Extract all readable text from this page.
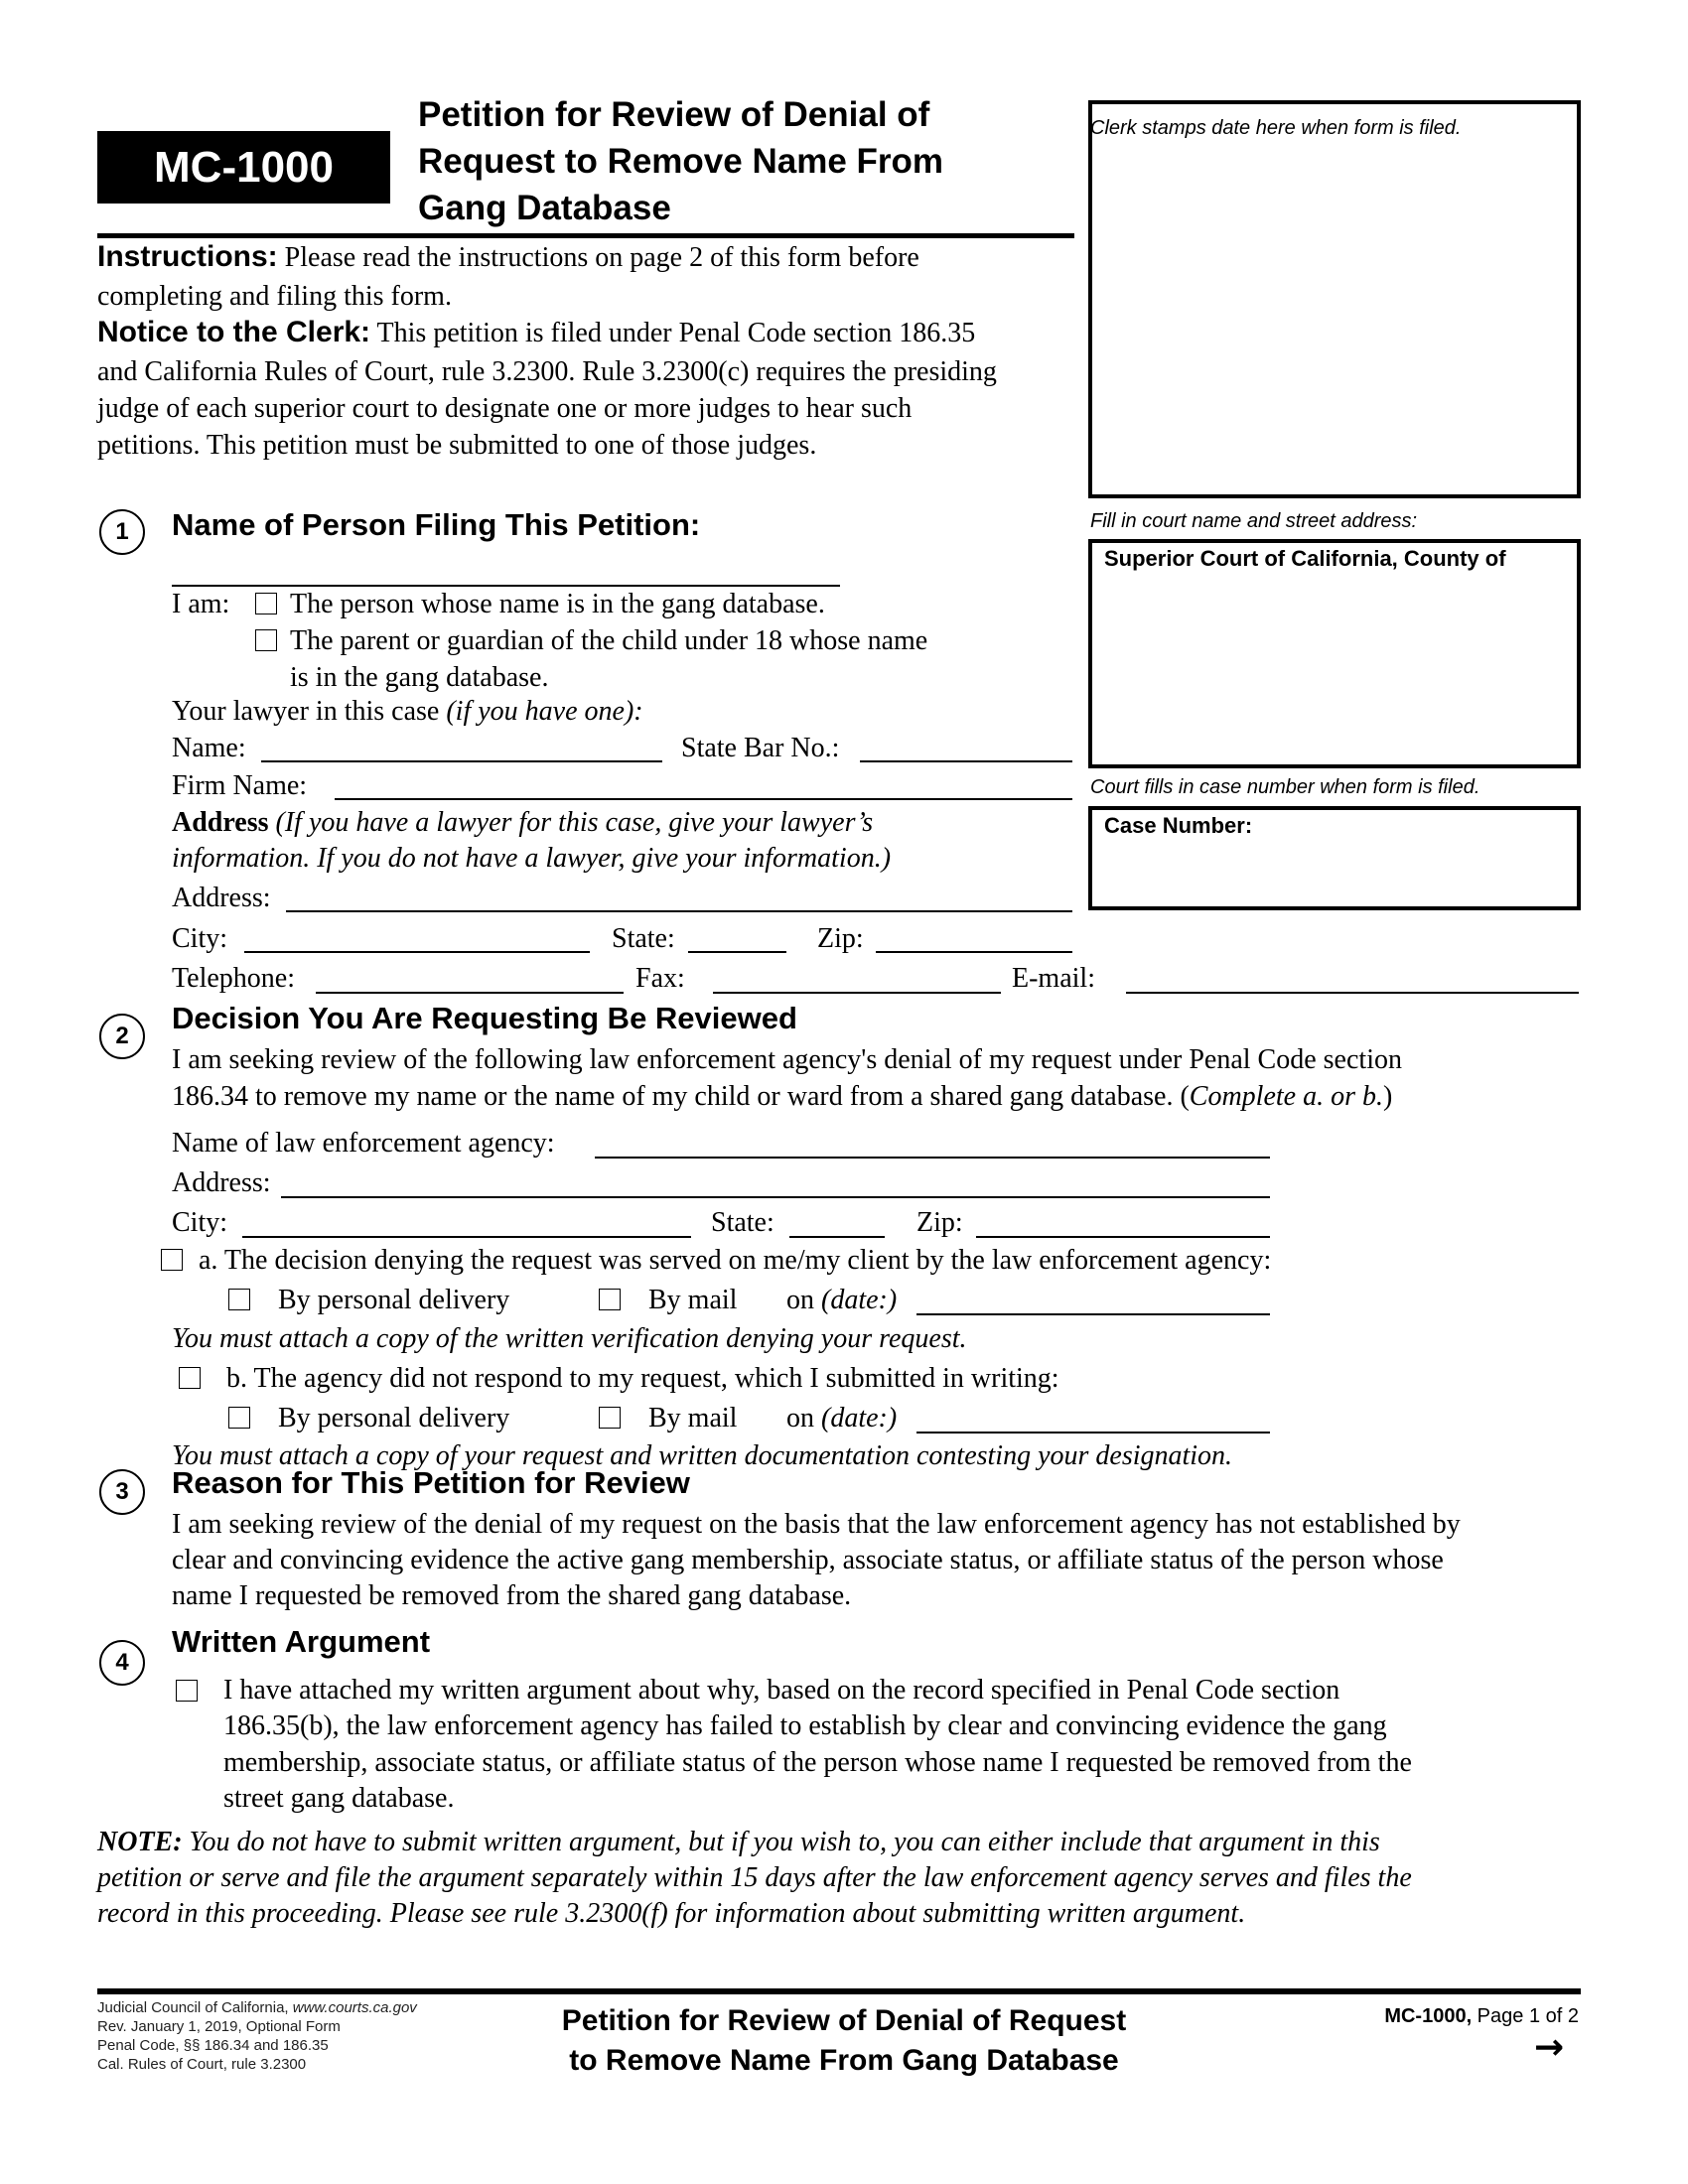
MC-1000
Petition for Review of Denial of
Request to Remove Name From
Gang Database
Instructions: Please read the instructions on page 2 of this form before
completing and filing this form.
Notice to the Clerk: This petition is filed under Penal Code section 186.35
and California Rules of Court, rule 3.2300. Rule 3.2300(c) requires the presiding
judge of each superior court to designate one or more judges to hear such
petitions. This petition must be submitted to one of those judges.
Clerk stamps date here when form is filed.
Fill in court name and street address:
Superior Court of California, County of
Court fills in case number when form is filed.
Case Number:
1 Name of Person Filing This Petition:
I am: The person whose name is in the gang database.
The parent or guardian of the child under 18 whose name
is in the gang database.
Your lawyer in this case (if you have one):
Name:	State Bar No.:
Firm Name:
Address (If you have a lawyer for this case, give your lawyer’s
information. If you do not have a lawyer, give your information.)
Address:
City:	State:	Zip:
Telephone:	Fax:	E-mail:
2
Decision You Are Requesting Be Reviewed
I am seeking review of the following law enforcement agency's denial of my request under Penal Code section
186.34 to remove my name or the name of my child or ward from a shared gang database. (Complete a. or b.)
Name of law enforcement agency:
Address:
City:	State:	Zip:
a. The decision denying the request was served on me/my client by the law enforcement agency:
By personal delivery	By mail on (date:)
You must attach a copy of the written verification denying your request.
b. The agency did not respond to my request, which I submitted in writing:
By personal delivery	By mail on (date:)
You must attach a copy of your request and written documentation contesting your designation.
3 Reason for This Petition for Review
I am seeking review of the denial of my request on the basis that the law enforcement agency has not established by
clear and convincing evidence the active gang membership, associate status, or affiliate status of the person whose
name I requested be removed from the shared gang database.
4
Written Argument
I have attached my written argument about why, based on the record specified in Penal Code section
186.35(b), the law enforcement agency has failed to establish by clear and convincing evidence the gang
membership, associate status, or affiliate status of the person whose name I requested be removed from the
street gang database.
NOTE: You do not have to submit written argument, but if you wish to, you can either include that argument in this
petition or serve and file the argument separately within 15 days after the law enforcement agency serves and files the
record in this proceeding. Please see rule 3.2300(f) for information about submitting written argument.
Judicial Council of California, www.courts.ca.gov
Rev. January 1, 2019, Optional Form
Penal Code, §§ 186.34 and 186.35
Cal. Rules of Court, rule 3.2300
Petition for Review of Denial of Request
to Remove Name From Gang Database
MC-1000, Page 1 of 2
→
